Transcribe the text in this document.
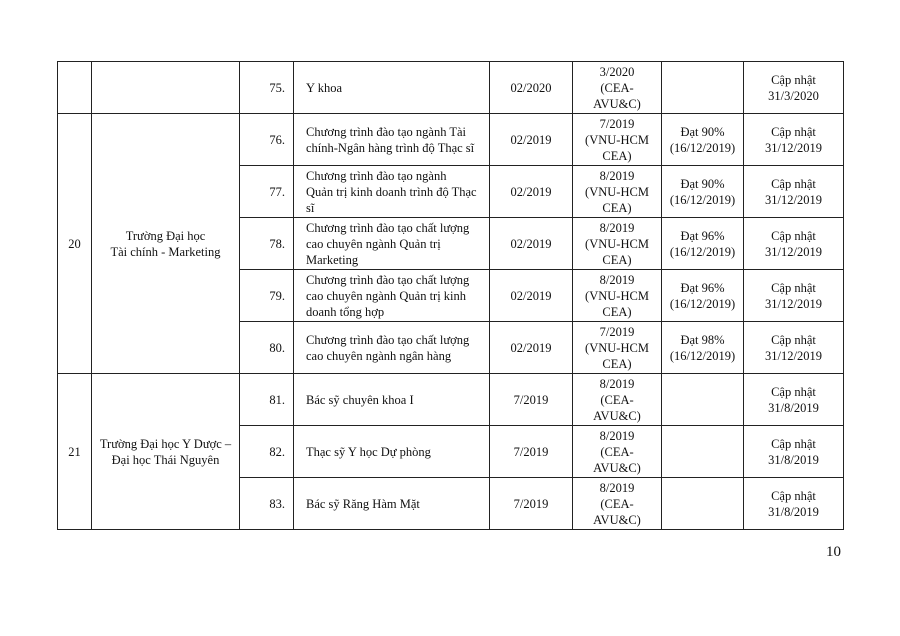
		75.	Y khoa	02/2020	3/2020
(CEA-
AVU&C)		Cập nhật
31/3/2020

20	Trường Đại học
Tài chính - Marketing	76.	Chương trình đào tạo ngành Tài
chính-Ngân hàng trình độ Thạc sĩ	02/2019	7/2019
(VNU-HCM
CEA)	Đạt 90%
(16/12/2019)	Cập nhật
31/12/2019

		77.	Chương trình đào tạo ngành
Quản trị kinh doanh trình độ Thạc
sĩ	02/2019	8/2019
(VNU-HCM
CEA)	Đạt 90%
(16/12/2019)	Cập nhật
31/12/2019

		78.	Chương trình đào tạo chất lượng
cao chuyên ngành Quản trị
Marketing	02/2019	8/2019
(VNU-HCM
CEA)	Đạt 96%
(16/12/2019)	Cập nhật
31/12/2019

		79.	Chương trình đào tạo chất lượng
cao chuyên ngành Quản trị kinh
doanh tổng hợp	02/2019	8/2019
(VNU-HCM
CEA)	Đạt 96%
(16/12/2019)	Cập nhật
31/12/2019

		80.	Chương trình đào tạo chất lượng
cao chuyên ngành ngân hàng	02/2019	7/2019
(VNU-HCM
CEA)	Đạt 98%
(16/12/2019)	Cập nhật
31/12/2019

21	Trường Đại học Y Dược –
Đại học Thái Nguyên	81.	Bác sỹ chuyên khoa I	7/2019	8/2019
(CEA-
AVU&C)		Cập nhật
31/8/2019

		82.	Thạc sỹ Y học Dự phòng	7/2019	8/2019
(CEA-
AVU&C)		Cập nhật
31/8/2019

		83.	Bác sỹ Răng Hàm Mặt	7/2019	8/2019
(CEA-
AVU&C)		Cập nhật
31/8/2019
10
